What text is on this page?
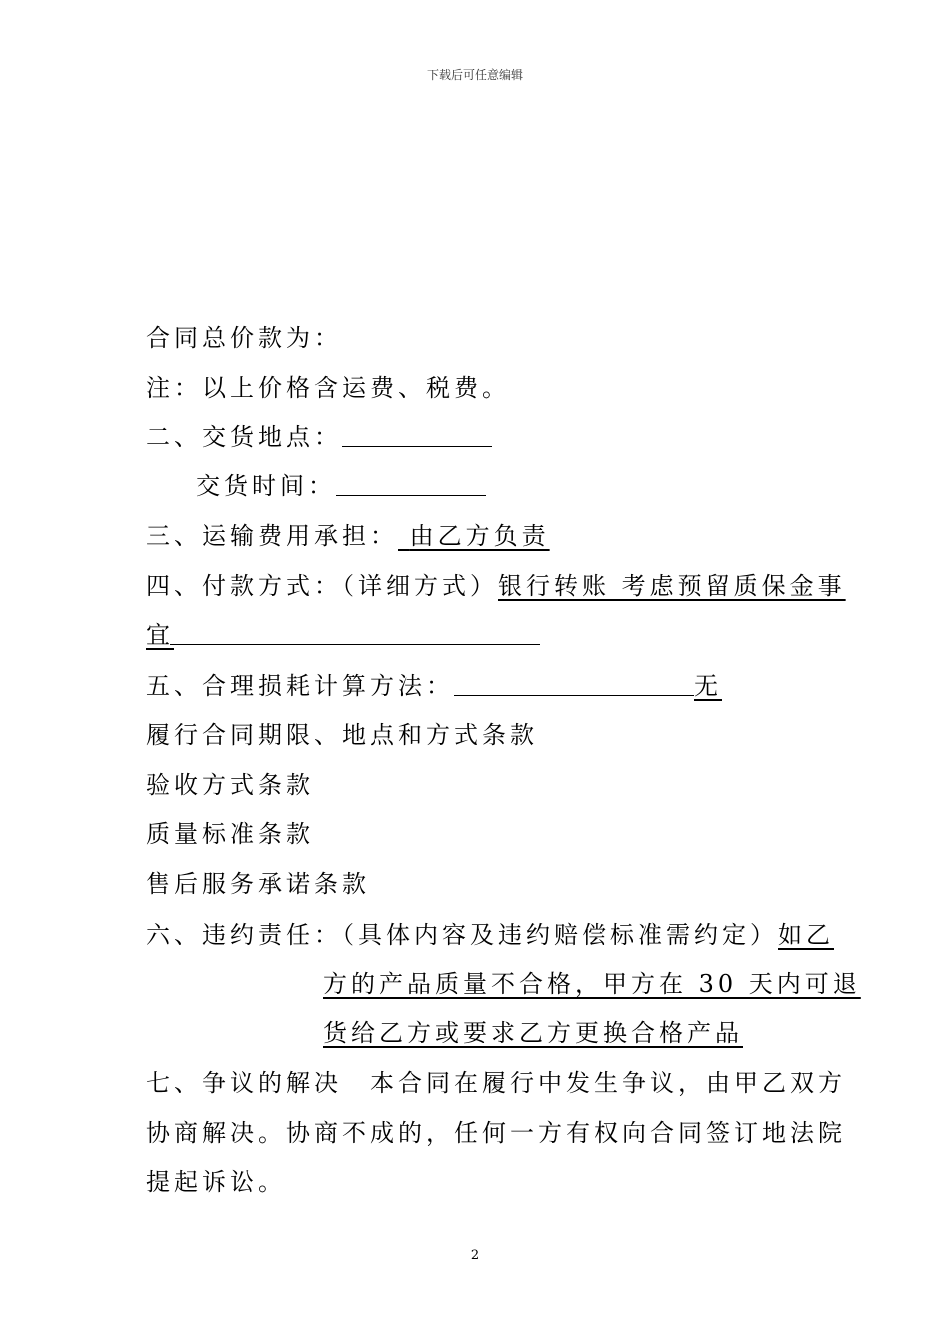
下载后可任意编辑
合同总价款为：
注：以上价格含运费、税费。
二、交货地点：
交货时间：
三、运输费用承担： 由乙方负责
四、付款方式：（详细方式）银行转账 考虑预留质保金事
宜
五、合理损耗计算方法：	无
履行合同期限、地点和方式条款
验收方式条款
质量标准条款
售后服务承诺条款
六、违约责任：（具体内容及违约赔偿标准需约定）如乙
方的产品质量不合格，甲方在 30 天内可退
货给乙方或要求乙方更换合格产品
七、争议的解决　本合同在履行中发生争议，由甲乙双方
协商解决。协商不成的，任何一方有权向合同签订地法院
提起诉讼。
2
